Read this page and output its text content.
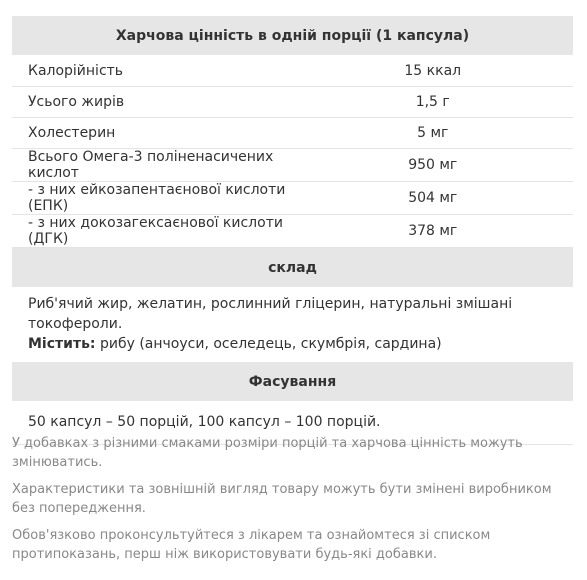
Харчова цінність в одній порції (1 капсула)	
Калорійність	15 ккал
Усього жирів	1,5 г
Холестерин	5 мг
Всього Омега-3 поліненасичених кислот	950 мг
- з них ейкозапентаєнової кислоти (ЕПК)	504 мг
- з них докозагексаєнової кислоти (ДГК)	378 мг
склад	

Риб'ячий жир, желатин, рослинний гліцерин, натуральні змішані токофероли.
Містить: рибу (анчоуси, оселедець, скумбрія, сардина)	

Фасування	
50 капсул – 50 порцій, 100 капсул – 100 порцій.	

У добавках з різними смаками розміри порцій та харчова цінність можуть змінюватись.

Характеристики та зовнішній вигляд товару можуть бути змінені виробником без попередження.

Обов'язково проконсультуйтеся з лікарем та ознайомтеся зі списком протипоказань, перш ніж використовувати будь-які добавки.
